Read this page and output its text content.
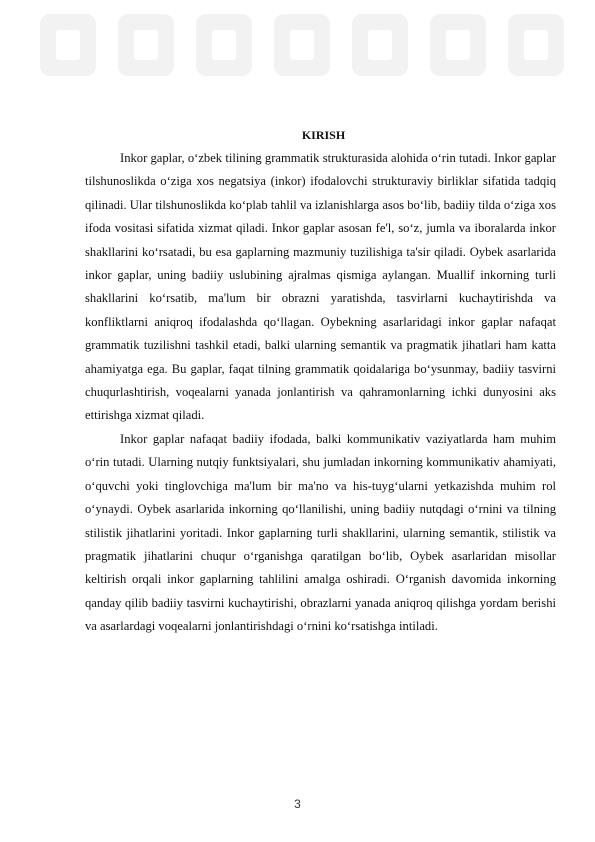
KIRISH

Inkor gaplar, o‘zbek tilining grammatik strukturasida alohida o‘rin tutadi. Inkor gaplar tilshunoslikda o‘ziga xos negatsiya (inkor) ifodalovchi strukturaviy birliklar sifatida tadqiq qilinadi. Ular tilshunoslikda ko‘plab tahlil va izlanishlarga asos bo‘lib, badiiy tilda o‘ziga xos ifoda vositasi sifatida xizmat qiladi. Inkor gaplar asosan fe'l, so‘z, jumla va iboralarda inkor shakllarini ko‘rsatadi, bu esa gaplarning mazmuniy tuzilishiga ta'sir qiladi. Oybek asarlarida inkor gaplar, uning badiiy uslubining ajralmas qismiga aylangan. Muallif inkorning turli shakllarini ko‘rsatib, ma'lum bir obrazni yaratishda, tasvirlarni kuchaytirishda va konfliktlarni aniqroq ifodalashda qo‘llagan. Oybekning asarlaridagi inkor gaplar nafaqat grammatik tuzilishni tashkil etadi, balki ularning semantik va pragmatik jihatlari ham katta ahamiyatga ega. Bu gaplar, faqat tilning grammatik qoidalariga bo‘ysunmay, badiiy tasvirni chuqurlashtirish, voqealarni yanada jonlantirish va qahramonlarning ichki dunyosini aks ettirishga xizmat qiladi.

Inkor gaplar nafaqat badiiy ifodada, balki kommunikativ vaziyatlarda ham muhim o‘rin tutadi. Ularning nutqiy funktsiyalari, shu jumladan inkorning kommunikativ ahamiyati, o‘quvchi yoki tinglovchiga ma'lum bir ma'no va his-tuyg‘ularni yetkazishda muhim rol o‘ynaydi. Oybek asarlarida inkorning qo‘llanilishi, uning badiiy nutqdagi o‘rnini va tilning stilistik jihatlarini yoritadi. Inkor gaplarning turli shakllarini, ularning semantik, stilistik va pragmatik jihatlarini chuqur o‘rganishga qaratilgan bo‘lib, Oybek asarlaridan misollar keltirish orqali inkor gaplarning tahlilini amalga oshiradi. O‘rganish davomida inkorning qanday qilib badiiy tasvirni kuchaytirishi, obrazlarni yanada aniqroq qilishga yordam berishi va asarlardagi voqealarni jonlantirishdagi o‘rnini ko‘rsatishga intiladi.

3
